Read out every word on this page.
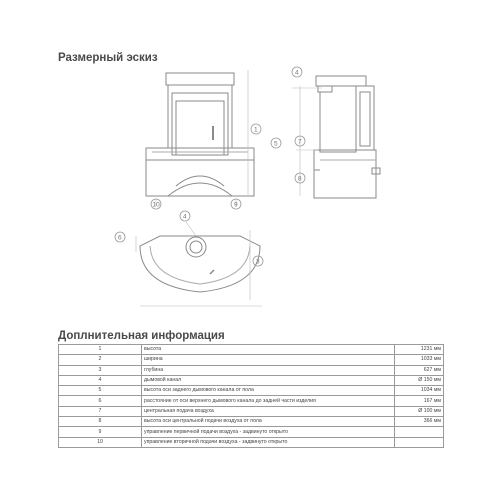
Размерный эскиз
1
10	9
4
7
8
5
4
6
3
Доплнительная информация
1	высота	1231 мм
2	ширина	1033 мм
3	глубина	627 мм
4	дымовой канал	Ø 150 мм
5	высота оси заднего дымового канала от пола	1034 мм
6	расстояние от оси верхнего дымового канала до задней части изделия	167 мм
7	центральная подача воздуха	Ø 100 мм
8	высота оси центральной подачи воздуха от пола	366 мм
9	управление первичной подачи воздуха - задвинуто открыто	
10	управление вторичной подачи воздуха - задвинуто открыто	
